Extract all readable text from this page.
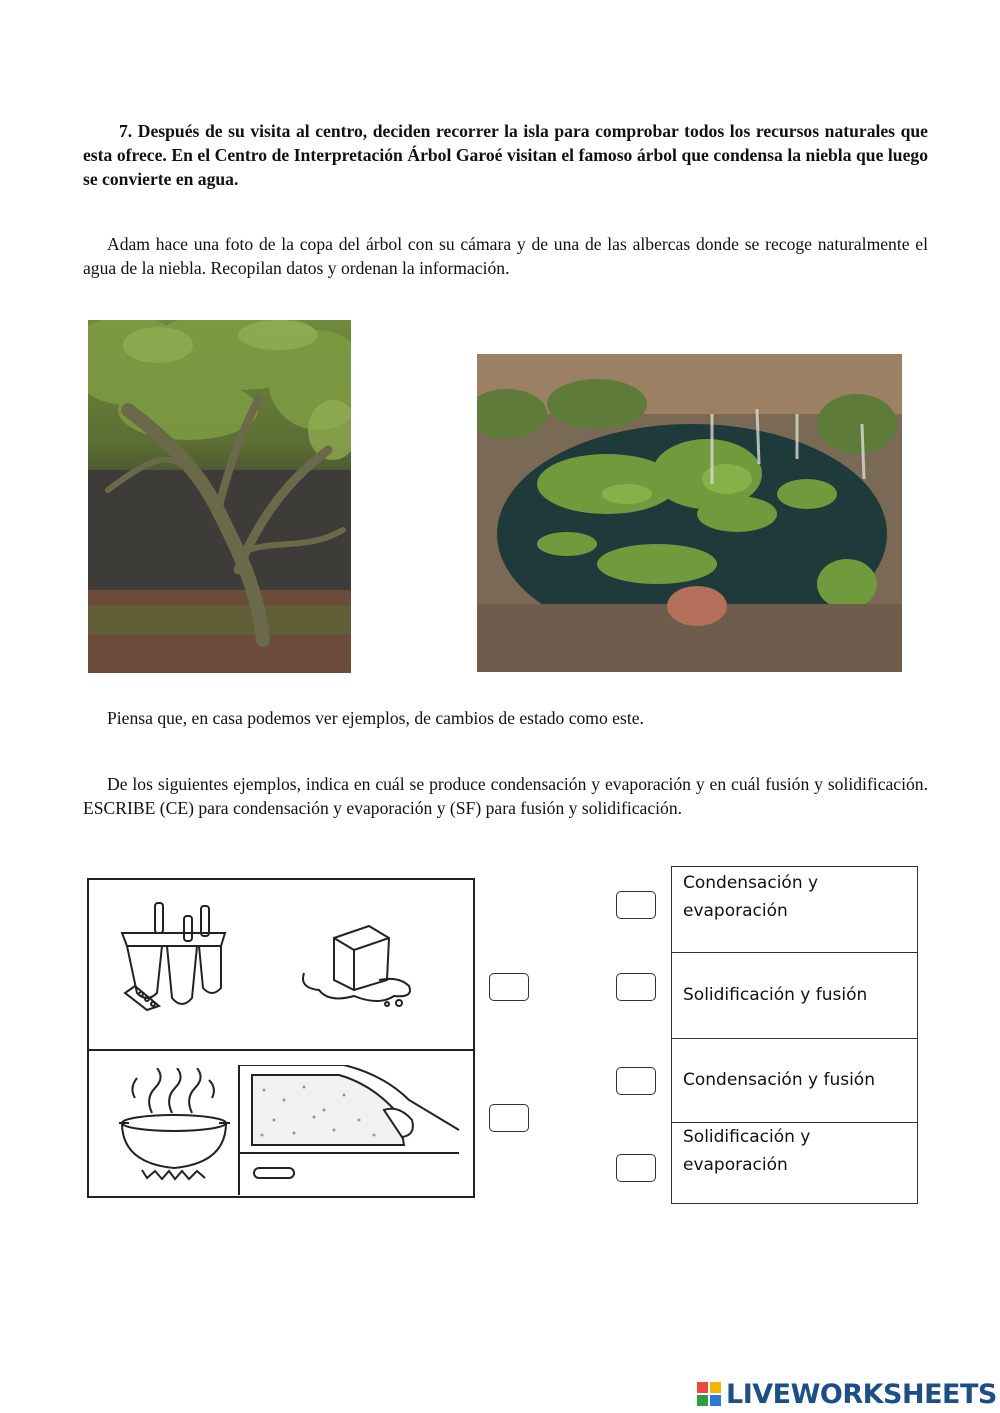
7. Después de su visita al centro, deciden recorrer la isla para comprobar todos los recursos naturales que esta ofrece. En el Centro de Interpretación Árbol Garoé visitan el famoso árbol que condensa la niebla que luego se convierte en agua.

Adam hace una foto de la copa del árbol con su cámara y de una de las albercas donde se recoge naturalmente el agua de la niebla. Recopilan datos y ordenan la información.

Piensa que, en casa podemos ver ejemplos, de cambios de estado como este.

De los siguientes ejemplos, indica en cuál se produce condensación y evaporación y en cuál fusión y solidificación. ESCRIBE (CE) para condensación y evaporación y (SF) para fusión y solidificación.

Condensación y evaporación
Solidificación y fusión
Condensación y fusión
Solidificación y evaporación
LIVEWORKSHEETS
